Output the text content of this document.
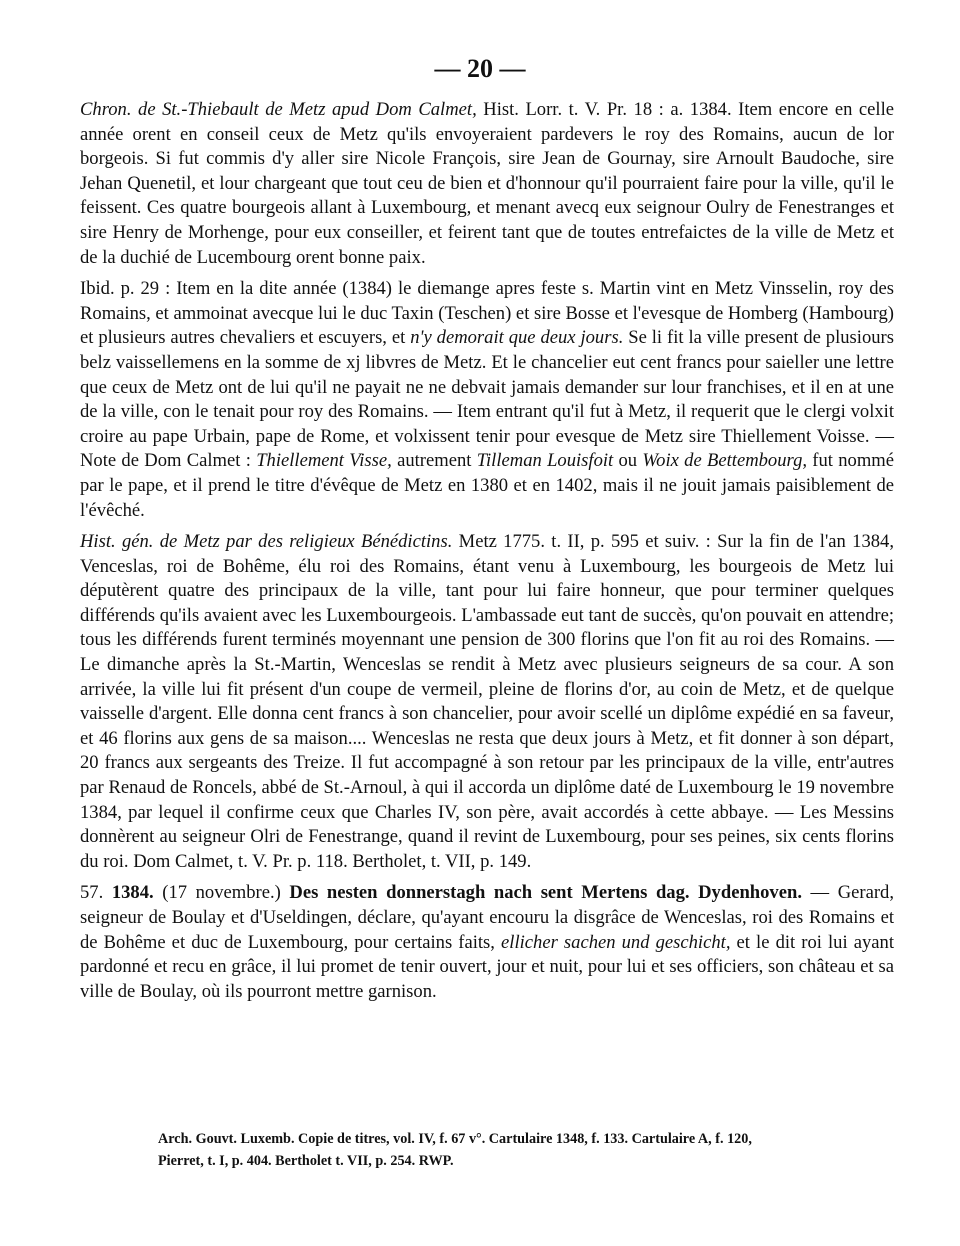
— 20 —

Chron. de St.-Thiebault de Metz apud Dom Calmet, Hist. Lorr. t. V. Pr. 18 : a. 1384. Item encore en celle année orent en conseil ceux de Metz qu'ils envoyeraient pardevers le roy des Romains, aucun de lor borgeois. Si fut commis d'y aller sire Nicole François, sire Jean de Gournay, sire Arnoult Baudoche, sire Jehan Quenetil, et lour chargeant que tout ceu de bien et d'honnour qu'il pourraient faire pour la ville, qu'il le feissent. Ces quatre bourgeois allant à Luxembourg, et menant avecq eux seignour Oulry de Fenestranges et sire Henry de Morhenge, pour eux conseiller, et feirent tant que de toutes entrefaictes de la ville de Metz et de la duchié de Lucembourg orent bonne paix.

Ibid. p. 29 : Item en la dite année (1384) le diemange apres feste s. Martin vint en Metz Vinsselin, roy des Romains, et ammoinat avecque lui le duc Taxin (Teschen) et sire Bosse et l'evesque de Homberg (Hambourg) et plusieurs autres chevaliers et escuyers, et n'y demorait que deux jours. Se li fit la ville present de plusiours belz vaissellemens en la somme de xj libvres de Metz. Et le chancelier eut cent francs pour saieller une lettre que ceux de Metz ont de lui qu'il ne payait ne ne debvait jamais demander sur lour franchises, et il en at une de la ville, con le tenait pour roy des Romains. — Item entrant qu'il fut à Metz, il requerit que le clergi volxit croire au pape Urbain, pape de Rome, et volxissent tenir pour evesque de Metz sire Thiellement Voisse. — Note de Dom Calmet : Thiellement Visse, autrement Tilleman Louisfoit ou Woix de Bettembourg, fut nommé par le pape, et il prend le titre d'évêque de Metz en 1380 et en 1402, mais il ne jouit jamais paisiblement de l'évêché.

Hist. gén. de Metz par des religieux Bénédictins. Metz 1775. t. II, p. 595 et suiv. : Sur la fin de l'an 1384, Venceslas, roi de Bohême, élu roi des Romains, étant venu à Luxembourg, les bourgeois de Metz lui députèrent quatre des principaux de la ville, tant pour lui faire honneur, que pour terminer quelques différends qu'ils avaient avec les Luxembourgeois. L'ambassade eut tant de succès, qu'on pouvait en attendre; tous les différends furent terminés moyennant une pension de 300 florins que l'on fit au roi des Romains. — Le dimanche après la St.-Martin, Wenceslas se rendit à Metz avec plusieurs seigneurs de sa cour. A son arrivée, la ville lui fit présent d'un coupe de vermeil, pleine de florins d'or, au coin de Metz, et de quelque vaisselle d'argent. Elle donna cent francs à son chancelier, pour avoir scellé un diplôme expédié en sa faveur, et 46 florins aux gens de sa maison.... Wenceslas ne resta que deux jours à Metz, et fit donner à son départ, 20 francs aux sergeants des Treize. Il fut accompagné à son retour par les principaux de la ville, entr'autres par Renaud de Roncels, abbé de St.-Arnoul, à qui il accorda un diplôme daté de Luxembourg le 19 novembre 1384, par lequel il confirme ceux que Charles IV, son père, avait accordés à cette abbaye. — Les Messins donnèrent au seigneur Olri de Fenestrange, quand il revint de Luxembourg, pour ses peines, six cents florins du roi. Dom Calmet, t. V. Pr. p. 118. Bertholet, t. VII, p. 149.

57. 1384. (17 novembre.) Des nesten donnerstagh nach sent Mertens dag. Dydenhoven. — Gerard, seigneur de Boulay et d'Useldingen, déclare, qu'ayant encouru la disgrâce de Wenceslas, roi des Romains et de Bohême et duc de Luxembourg, pour certains faits, ellicher sachen und geschicht, et le dit roi lui ayant pardonné et recu en grâce, il lui promet de tenir ouvert, jour et nuit, pour lui et ses officiers, son château et sa ville de Boulay, où ils pourront mettre garnison.

Arch. Gouvt. Luxemb. Copie de titres, vol. IV, f. 67 v°. Cartulaire 1348, f. 133. Cartulaire A, f. 120,
Pierret, t. I, p. 404. Bertholet t. VII, p. 254. RWP.
